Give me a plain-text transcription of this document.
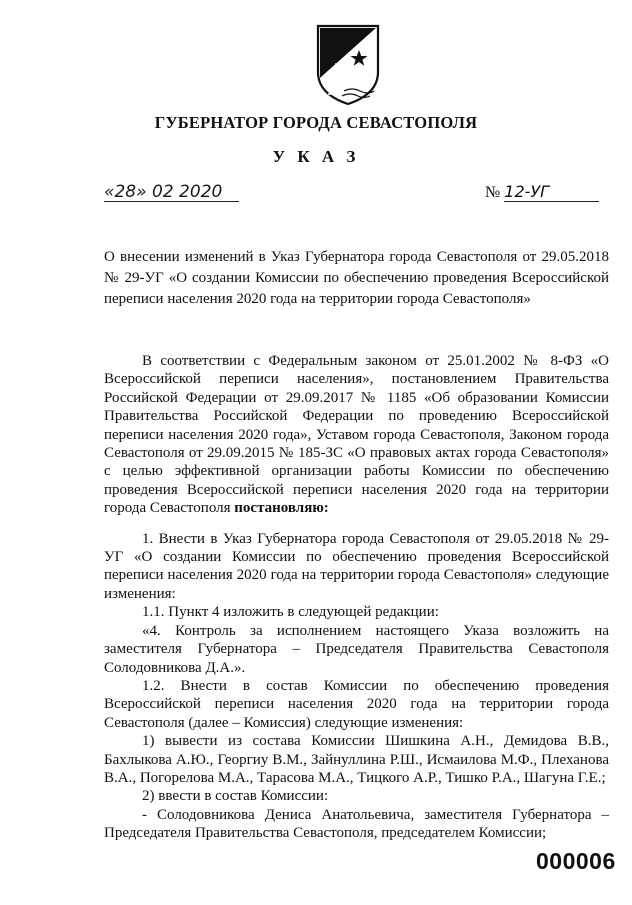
ГУБЕРНАТОР ГОРОДА СЕВАСТОПОЛЯ
У К А З
«28» 02 2020	№ 12-УГ
О внесении изменений в Указ Губернатора города Севастополя от 29.05.2018 № 29-УГ «О создании Комиссии по обеспечению проведения Всероссийской переписи населения 2020 года на территории города Севастополя»

В соответствии с Федеральным законом от 25.01.2002 № 8-ФЗ «О Всероссийской переписи населения», постановлением Правительства Российской Федерации от 29.09.2017 № 1185 «Об образовании Комиссии Правительства Российской Федерации по проведению Всероссийской переписи населения 2020 года», Уставом города Севастополя, Законом города Севастополя от 29.09.2015 № 185-ЗС «О правовых актах города Севастополя» с целью эффективной организации работы Комиссии по обеспечению проведения Всероссийской переписи населения 2020 года на территории города Севастополя постановляю:

1. Внести в Указ Губернатора города Севастополя от 29.05.2018 № 29-УГ «О создании Комиссии по обеспечению проведения Всероссийской переписи населения 2020 года на территории города Севастополя» следующие изменения:

1.1. Пункт 4 изложить в следующей редакции:

«4. Контроль за исполнением настоящего Указа возложить на заместителя Губернатора – Председателя Правительства Севастополя Солодовникова Д.А.».

1.2. Внести в состав Комиссии по обеспечению проведения Всероссийской переписи населения 2020 года на территории города Севастополя (далее – Комиссия) следующие изменения:

1) вывести из состава Комиссии Шишкина А.Н., Демидова В.В., Бахлыкова А.Ю., Георгиу В.М., Зайнуллина Р.Ш., Исмаилова М.Ф., Плеханова В.А., Погорелова М.А., Тарасова М.А., Тицкого А.Р., Тишко Р.А., Шагуна Г.Е.;

2) ввести в состав Комиссии:

- Солодовникова Дениса Анатольевича, заместителя Губернатора – Председателя Правительства Севастополя, председателем Комиссии;

000006
